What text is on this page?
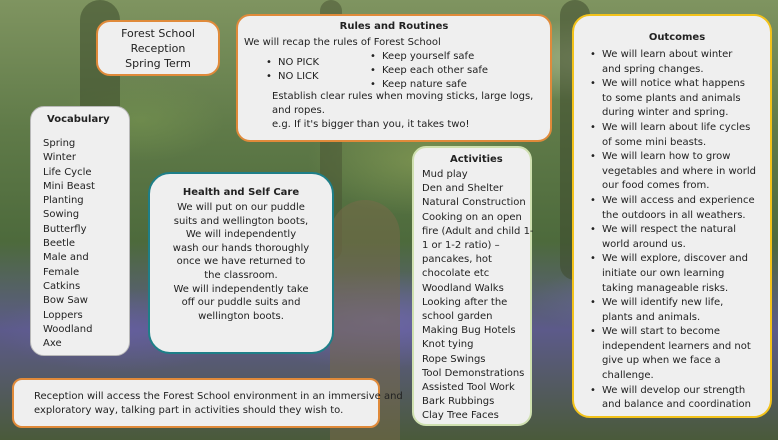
Forest School
Reception
Spring Term
Rules and Routines
We will recap the rules of Forest School
• NO PICK
• NO LICK
• Keep yourself safe
• Keep each other safe
• Keep nature safe
Establish clear rules when moving sticks, large logs, and ropes.
e.g. If it's bigger than you, it takes two!
Vocabulary
Spring
Winter
Life Cycle
Mini Beast
Planting
Sowing
Butterfly
Beetle
Male and
Female
Catkins
Bow Saw
Loppers
Woodland
Axe
Health and Self Care
We will put on our puddle
suits and wellington boots,
We will independently
wash our hands thoroughly
once we have returned to
the classroom.
We will independently take
off our puddle suits and
wellington boots.
Activities
Mud play
Den and Shelter
Natural Construction
Cooking on an open
fire (Adult and child 1-
1 or 1-2 ratio) –
pancakes, hot
chocolate etc
Woodland Walks
Looking after the
school garden
Making Bug Hotels
Knot tying
Rope Swings
Tool Demonstrations
Assisted Tool Work
Bark Rubbings
Clay Tree Faces
Outcomes
• We will learn about winter
and spring changes.
• We will notice what happens
to some plants and animals
during winter and spring.
• We will learn about life cycles
of some mini beasts.
• We will learn how to grow
vegetables and where in world
our food comes from.
• We will access and experience
the outdoors in all weathers.
• We will respect the natural
world around us.
• We will explore, discover and
initiate our own learning
taking manageable risks.
• We will identify new life,
plants and animals.
• We will start to become
independent learners and not
give up when we face a
challenge.
• We will develop our strength
and balance and coordination
Reception will access the Forest School environment in an immersive and
exploratory way, talking part in activities should they wish to.
